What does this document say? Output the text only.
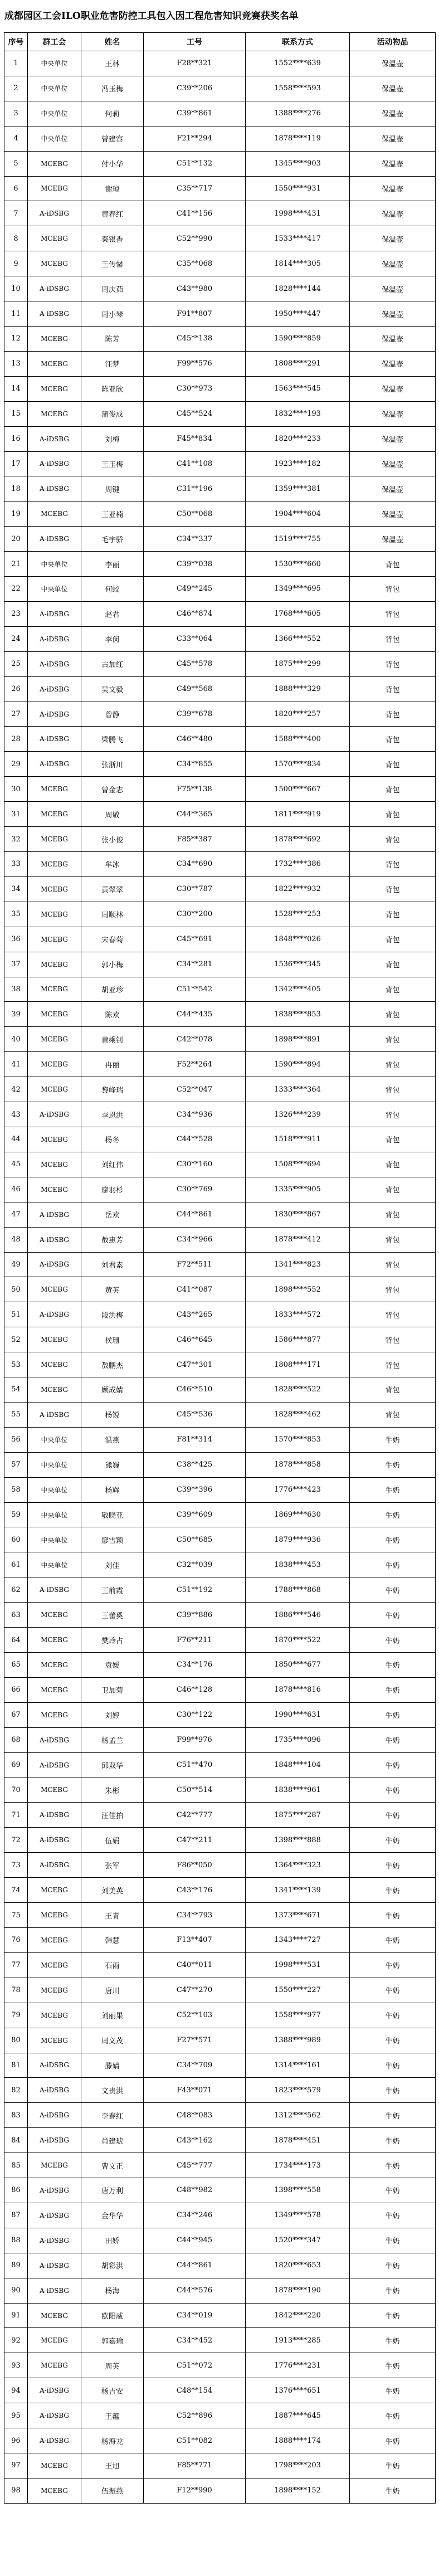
成都园区工会ILO职业危害防控工具包入因工程危害知识竞赛获奖名单
序号	群工会	姓名	工号	联系方式	活动物品
1	中央单位	王林	F28**321	1552****639	保温壶
2	中央单位	冯玉梅	C39**206	1558****593	保温壶
3	中央单位	何莉	C39**861	1388****276	保温壶
4	中央单位	曾建容	F21**294	1878****119	保温壶
5	MCEBG	付小华	C51**132	1345****903	保温壶
6	MCEBG	谢琼	C35**717	1550****931	保温壶
7	A-iDSBG	黄春红	C41**156	1998****431	保温壶
8	MCEBG	秦银香	C52**990	1533****417	保温壶
9	MCEBG	王传馨	C35**068	1814****305	保温壶
10	A-iDSBG	周庆茹	C43**980	1828****144	保温壶
11	A-iDSBG	周小琴	F91**807	1950****447	保温壶
12	MCEBG	陈芳	C45**138	1590****859	保温壶
13	MCEBG	汪梦	F99**576	1808****291	保温壶
14	MCEBG	陈亚欣	C30**973	1563****545	保温壶
15	MCEBG	蒲俊成	C45**524	1832****193	保温壶
16	A-iDSBG	刘梅	F45**834	1820****233	保温壶
17	A-iDSBG	王玉梅	C41**108	1923****182	保温壶
18	A-iDSBG	周键	C31**196	1359****381	保温壶
19	MCEBG	王亚楠	C50**068	1904****604	保温壶
20	A-iDSBG	毛宇骄	C34**337	1519****755	保温壶
21	中央单位	李丽	C39**038	1530****660	背包
22	中央单位	何蛟	C49**245	1349****695	背包
23	A-iDSBG	赵君	C46**874	1768****605	背包
24	A-iDSBG	李闵	C33**064	1366****552	背包
25	A-iDSBG	古加红	C45**578	1875****299	背包
26	A-iDSBG	吴文毅	C49**568	1888****329	背包
27	A-iDSBG	曾静	C39**678	1820****257	背包
28	A-iDSBG	梁腾飞	C46**480	1588****400	背包
29	A-iDSBG	张浙川	C34**855	1570****834	背包
30	MCEBG	曾金志	F75**138	1500****667	背包
31	MCEBG	周敬	C44**365	1811****919	背包
32	MCEBG	张小俊	F85**387	1878****692	背包
33	MCEBG	牟冰	C34**690	1732****386	背包
34	MCEBG	黄翠翠	C30**787	1822****932	背包
35	MCEBG	周顺林	C30**200	1528****253	背包
36	MCEBG	宋春菊	C45**691	1848****026	背包
37	MCEBG	郭小梅	C34**281	1536****345	背包
38	MCEBG	胡亚珍	C51**542	1342****405	背包
39	MCEBG	陈欢	C44**435	1838****853	背包
40	MCEBG	黄乘钊	C42**078	1898****891	背包
41	MCEBG	冉丽	F52**264	1590****894	背包
42	MCEBG	黎峰瑞	C52**047	1333****364	背包
43	A-iDSBG	李恩洪	C34**936	1326****239	背包
44	MCEBG	杨冬	C44**528	1518****911	背包
45	MCEBG	刘红伟	C30**160	1508****694	背包
46	MCEBG	廖羽杉	C30**769	1335****905	背包
47	A-iDSBG	岳欢	C44**861	1830****867	背包
48	A-iDSBG	敖惠芳	C34**966	1878****412	背包
49	A-iDSBG	刘君素	F72**511	1341****823	背包
50	MCEBG	黄英	C41**087	1898****552	背包
51	A-iDSBG	段洪梅	C43**265	1833****572	背包
52	MCEBG	侯珊	C46**645	1586****877	背包
53	MCEBG	敖鹏杰	C47**301	1808****171	背包
54	MCEBG	顾成婧	C46**510	1828****522	背包
55	A-iDSBG	杨锐	C45**536	1828****462	背包
56	中央单位	温燕	F81**314	1570****853	牛奶
57	中央单位	熊巍	C38**425	1878****858	牛奶
58	中央单位	杨辉	C39**396	1776****423	牛奶
59	中央单位	敬晓亚	C39**609	1869****630	牛奶
60	中央单位	廖雪颖	C50**685	1879****936	牛奶
61	中央单位	刘佳	C32**039	1838****453	牛奶
62	A-iDSBG	王前霞	C51**192	1788****868	牛奶
63	MCEBG	王蕾奚	C39**886	1886****546	牛奶
64	MCEBG	樊玲占	F76**211	1870****522	牛奶
65	MCEBG	袁媛	C34**176	1850****677	牛奶
66	MCEBG	卫加菊	C46**128	1878****816	牛奶
67	MCEBG	刘婷	C30**122	1990****631	牛奶
68	A-iDSBG	杨孟兰	F99**976	1735****096	牛奶
69	A-iDSBG	邱双华	C51**470	1848****104	牛奶
70	MCEBG	朱彬	C50**514	1838****961	牛奶
71	A-iDSBG	汪佳拍	C42**777	1875****287	牛奶
72	A-iDSBG	伍娟	C47**211	1398****888	牛奶
73	A-iDSBG	张军	F86**050	1364****323	牛奶
74	MCEBG	刘美英	C43**176	1341****139	牛奶
75	MCEBG	王青	C34**793	1373****671	牛奶
76	MCEBG	韩慧	F13**407	1343****727	牛奶
77	MCEBG	石雨	C40**011	1998****531	牛奶
78	MCEBG	唐川	C47**270	1550****227	牛奶
79	MCEBG	刘丽果	C52**103	1558****977	牛奶
80	MCEBG	周义茂	F27**571	1388****989	牛奶
81	A-iDSBG	滕婧	C34**709	1314****161	牛奶
82	A-iDSBG	文贵洪	F43**071	1823****579	牛奶
83	A-iDSBG	李春红	C48**083	1312****562	牛奶
84	A-iDSBG	肖建琥	C43**162	1878****451	牛奶
85	MCEBG	曹文正	C45**777	1734****173	牛奶
86	A-iDSBG	唐万利	C48**982	1398****558	牛奶
87	A-iDSBG	金华华	C34**246	1349****578	牛奶
88	A-iDSBG	田娇	C44**945	1520****347	牛奶
89	A-iDSBG	胡彩洪	C44**861	1820****653	牛奶
90	A-iDSBG	杨海	C44**576	1878****190	牛奶
91	MCEBG	欧阳威	C34**019	1842****220	牛奶
92	MCEBG	郭嘉瑜	C34**452	1913****285	牛奶
93	MCEBG	周英	C51**072	1776****231	牛奶
94	A-iDSBG	杨吉安	C48**154	1376****651	牛奶
95	A-iDSBG	王蕴	C52**896	1887****645	牛奶
96	A-iDSBG	杨海龙	C51**082	1888****174	牛奶
97	MCEBG	王旭	F85**771	1798****203	牛奶
98	MCEBG	伍振燕	F12**990	1898****152	牛奶
